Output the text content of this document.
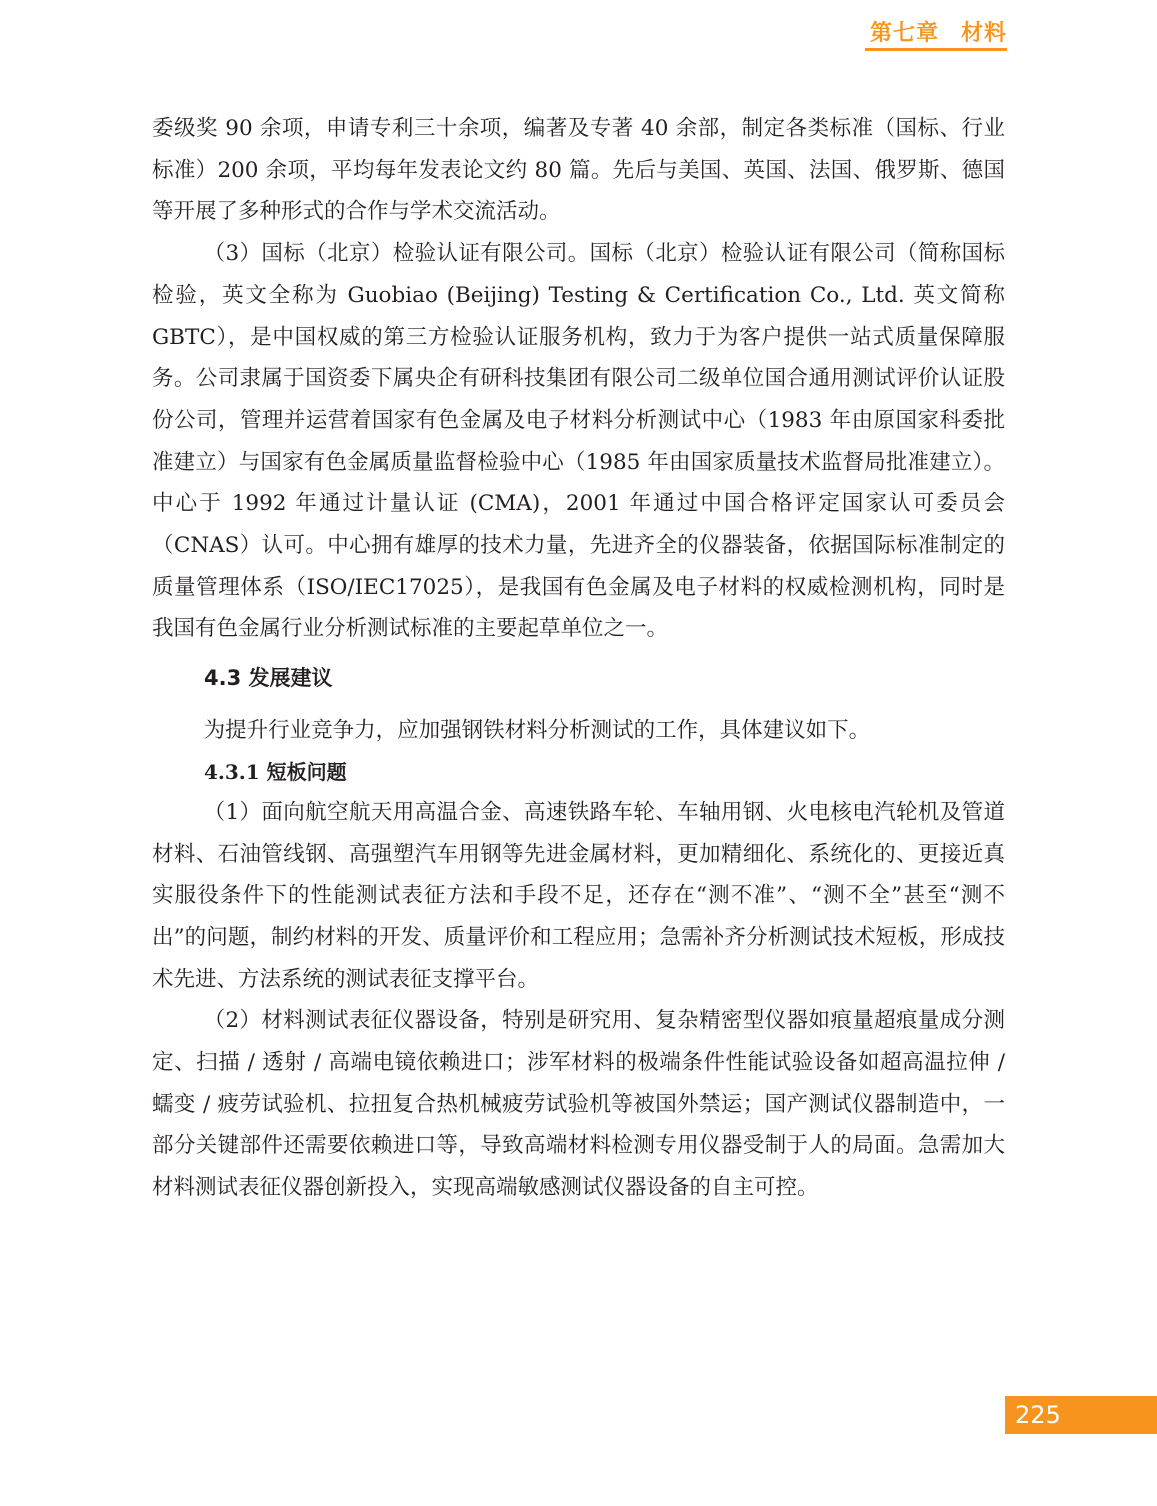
第七章 材料

委级奖 90 余项，申请专利三十余项，编著及专著 40 余部，制定各类标准（国标、行业标准）200 余项，平均每年发表论文约 80 篇。先后与美国、英国、法国、俄罗斯、德国等开展了多种形式的合作与学术交流活动。

（3）国标（北京）检验认证有限公司。国标（北京）检验认证有限公司（简称国标检验，英文全称为 Guobiao (Beijing) Testing & Certification Co., Ltd. 英文简称 GBTC），是中国权威的第三方检验认证服务机构，致力于为客户提供一站式质量保障服务。公司隶属于国资委下属央企有研科技集团有限公司二级单位国合通用测试评价认证股份公司，管理并运营着国家有色金属及电子材料分析测试中心（1983 年由原国家科委批准建立）与国家有色金属质量监督检验中心（1985 年由国家质量技术监督局批准建立）。中心于 1992 年通过计量认证 (CMA)，2001 年通过中国合格评定国家认可委员会（CNAS）认可。中心拥有雄厚的技术力量，先进齐全的仪器装备，依据国际标准制定的质量管理体系（ISO/IEC17025），是我国有色金属及电子材料的权威检测机构，同时是我国有色金属行业分析测试标准的主要起草单位之一。

4.3 发展建议

为提升行业竞争力，应加强钢铁材料分析测试的工作，具体建议如下。

4.3.1 短板问题

（1）面向航空航天用高温合金、高速铁路车轮、车轴用钢、火电核电汽轮机及管道材料、石油管线钢、高强塑汽车用钢等先进金属材料，更加精细化、系统化的、更接近真实服役条件下的性能测试表征方法和手段不足，还存在“测不准”、“测不全”甚至“测不出”的问题，制约材料的开发、质量评价和工程应用；急需补齐分析测试技术短板，形成技术先进、方法系统的测试表征支撑平台。

（2）材料测试表征仪器设备，特别是研究用、复杂精密型仪器如痕量超痕量成分测定、扫描 / 透射 / 高端电镜依赖进口；涉军材料的极端条件性能试验设备如超高温拉伸 / 蠕变 / 疲劳试验机、拉扭复合热机械疲劳试验机等被国外禁运；国产测试仪器制造中，一部分关键部件还需要依赖进口等，导致高端材料检测专用仪器受制于人的局面。急需加大材料测试表征仪器创新投入，实现高端敏感测试仪器设备的自主可控。

225
